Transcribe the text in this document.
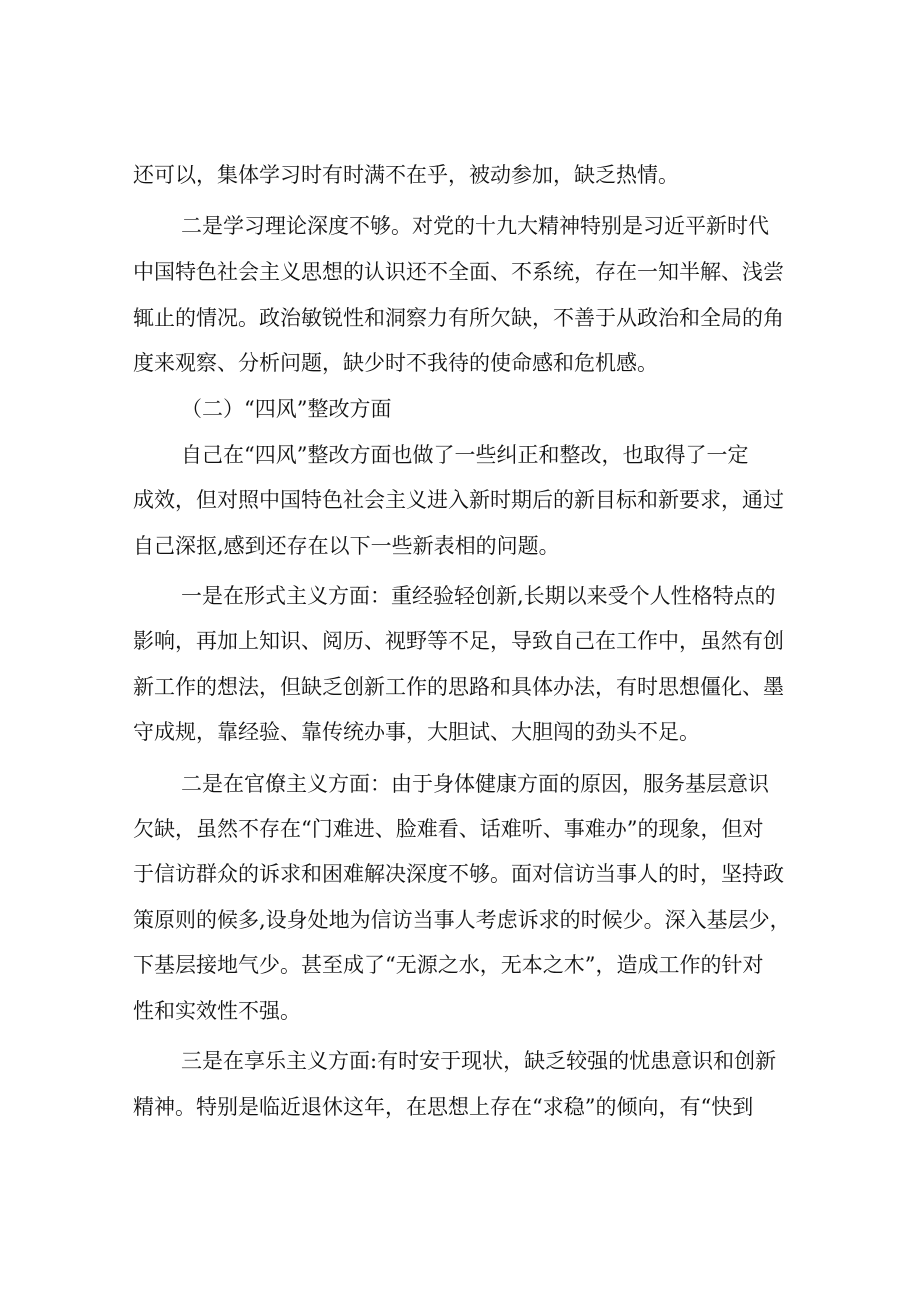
还可以，集体学习时有时满不在乎，被动参加，缺乏热情。
二是学习理论深度不够。对党的十九大精神特别是习近平新时代
中国特色社会主义思想的认识还不全面、不系统，存在一知半解、浅尝
辄止的情况。政治敏锐性和洞察力有所欠缺，不善于从政治和全局的角
度来观察、分析问题，缺少时不我待的使命感和危机感。
（二）“四风”整改方面
自己在“四风”整改方面也做了一些纠正和整改，也取得了一定
成效，但对照中国特色社会主义进入新时期后的新目标和新要求，通过
自己深抠,感到还存在以下一些新表相的问题。
一是在形式主义方面：重经验轻创新,长期以来受个人性格特点的
影响，再加上知识、阅历、视野等不足，导致自己在工作中，虽然有创
新工作的想法，但缺乏创新工作的思路和具体办法，有时思想僵化、墨
守成规，靠经验、靠传统办事，大胆试、大胆闯的劲头不足。
二是在官僚主义方面：由于身体健康方面的原因，服务基层意识
欠缺，虽然不存在“门难进、脸难看、话难听、事难办”的现象，但对
于信访群众的诉求和困难解决深度不够。面对信访当事人的时，坚持政
策原则的候多,设身处地为信访当事人考虑诉求的时候少。深入基层少，
下基层接地气少。甚至成了“无源之水，无本之木”，造成工作的针对
性和实效性不强。
三是在享乐主义方面:有时安于现状，缺乏较强的忧患意识和创新
精神。特别是临近退休这年，在思想上存在“求稳”的倾向，有“快到
